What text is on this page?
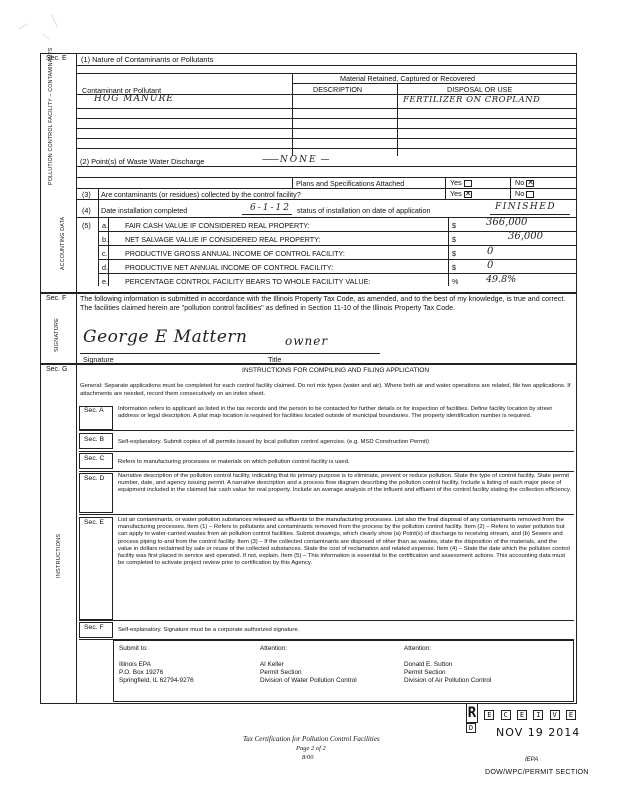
Sec. E
POLLUTION CONTROL FACILITY – CONTAMINANTS
ACCOUNTING DATA
(1) Nature of Contaminants or Pollutants
Material Retained, Captured or Recovered
Contaminant or Pollutant	DESCRIPTION	DISPOSAL OR USE
HOG MANURE	FERTILIZER ON CROPLAND
(2) Point(s) of Waste Water Discharge	—— NONE —
Plans and Specifications Attached	Yes	No✕
(3) Are contaminants (or residues) collected by the control facility?	Yes✕	No
(4) Date installation completed	6-1-12 status of installation on date of application	FINISHED
(5) a. FAIR CASH VALUE IF CONSIDERED REAL PROPERTY:	$	366,000
b. NET SALVAGE VALUE IF CONSIDERED REAL PROPERTY:	$	36,000
c. PRODUCTIVE GROSS ANNUAL INCOME OF CONTROL FACILITY:	$	0
d. PRODUCTIVE NET ANNUAL INCOME OF CONTROL FACILITY:	$	0
e. PERCENTAGE CONTROL FACILITY BEARS TO WHOLE FACILITY VALUE:	%	49.8%
Sec. F
SIGNATURE
The following information is submitted in accordance with the Illinois Property Tax Code, as amended, and to the best of my knowledge, is true and correct. The facilities claimed herein are "pollution control facilities" as defined in Section 11-10 of the Illinois Property Tax Code.
George E Mattern	owner
Signature	Title
Sec. G
INSTRUCTIONS
INSTRUCTIONS FOR COMPILING AND FILING APPLICATION
General: Separate applications must be completed for each control facility claimed. Do not mix types (water and air). Where both air and water operations are related, file two applications. If attachments are needed, record them consecutively on an index sheet.
Sec. A Information refers to applicant as listed in the tax records and the person to be contacted for further details or for inspection of facilities. Define facility location by street address or legal description. A plat map location is required for facilities located outside of municipal boundaries. The property identification number is required.
Sec. B Self-explanatory. Submit copies of all permits issued by local pollution control agencies. (e.g. MSD Construction Permit)
Sec. C Refers to manufacturing processes or materials on which pollution control facility is used.
Sec. D Narrative description of the pollution control facility, indicating that its primary purpose is to eliminate, prevent or reduce pollution. State the type of control facility. State permit number, date, and agency issuing permit. A narrative description and a process flow diagram describing the pollution control facility. Include a listing of each major piece of equipment included in the claimed fair cash value for real property. Include an average analysis of the influent and effluent of the control facility stating the collection efficiency.
Sec. E List air contaminants, or water pollution substances released as effluents to the manufacturing processes. List also the final disposal of any contaminants removed from the manufacturing processes. Item (1) – Refers to pollutants and contaminants removed from the process by the pollution control facility. Item (2) – Refers to water pollution but can apply to water-carried wastes from air pollution control facilities. Submit drawings, which clearly show (a) Point(s) of discharge to receiving stream, and (b) Sewers and process piping to and from the control facility. Item (3) – If the collected contaminants are disposed of other than as wastes, state the disposition of the materials, and the value in dollars reclaimed by sale or reuse of the collected substances. State the cost of reclamation and related expense. Item (4) – State the date which the pollution control facility was first placed in service and operated. If not, explain. Item (5) – This information is essential to the certification and assessment actions. This accounting data must be completed to activate project review prior to certification by this Agency.
Sec. F Self-explanatory. Signature must be a corporate authorized signature.
Submit to:	Attention:	Attention:
Illinois EPA
P.O. Box 19276
Springfield, IL 62794-9276
Al Keller
Permit Section
Division of Water Pollution Control
Donald E. Sutton
Permit Section
Division of Air Pollution Control
R E C E I V E D	NOV 19 2014
IEPA
DOW/WPC/PERMIT SECTION
Tax Certification for Pollution Control Facilities
Page 2 of 2
8/00
